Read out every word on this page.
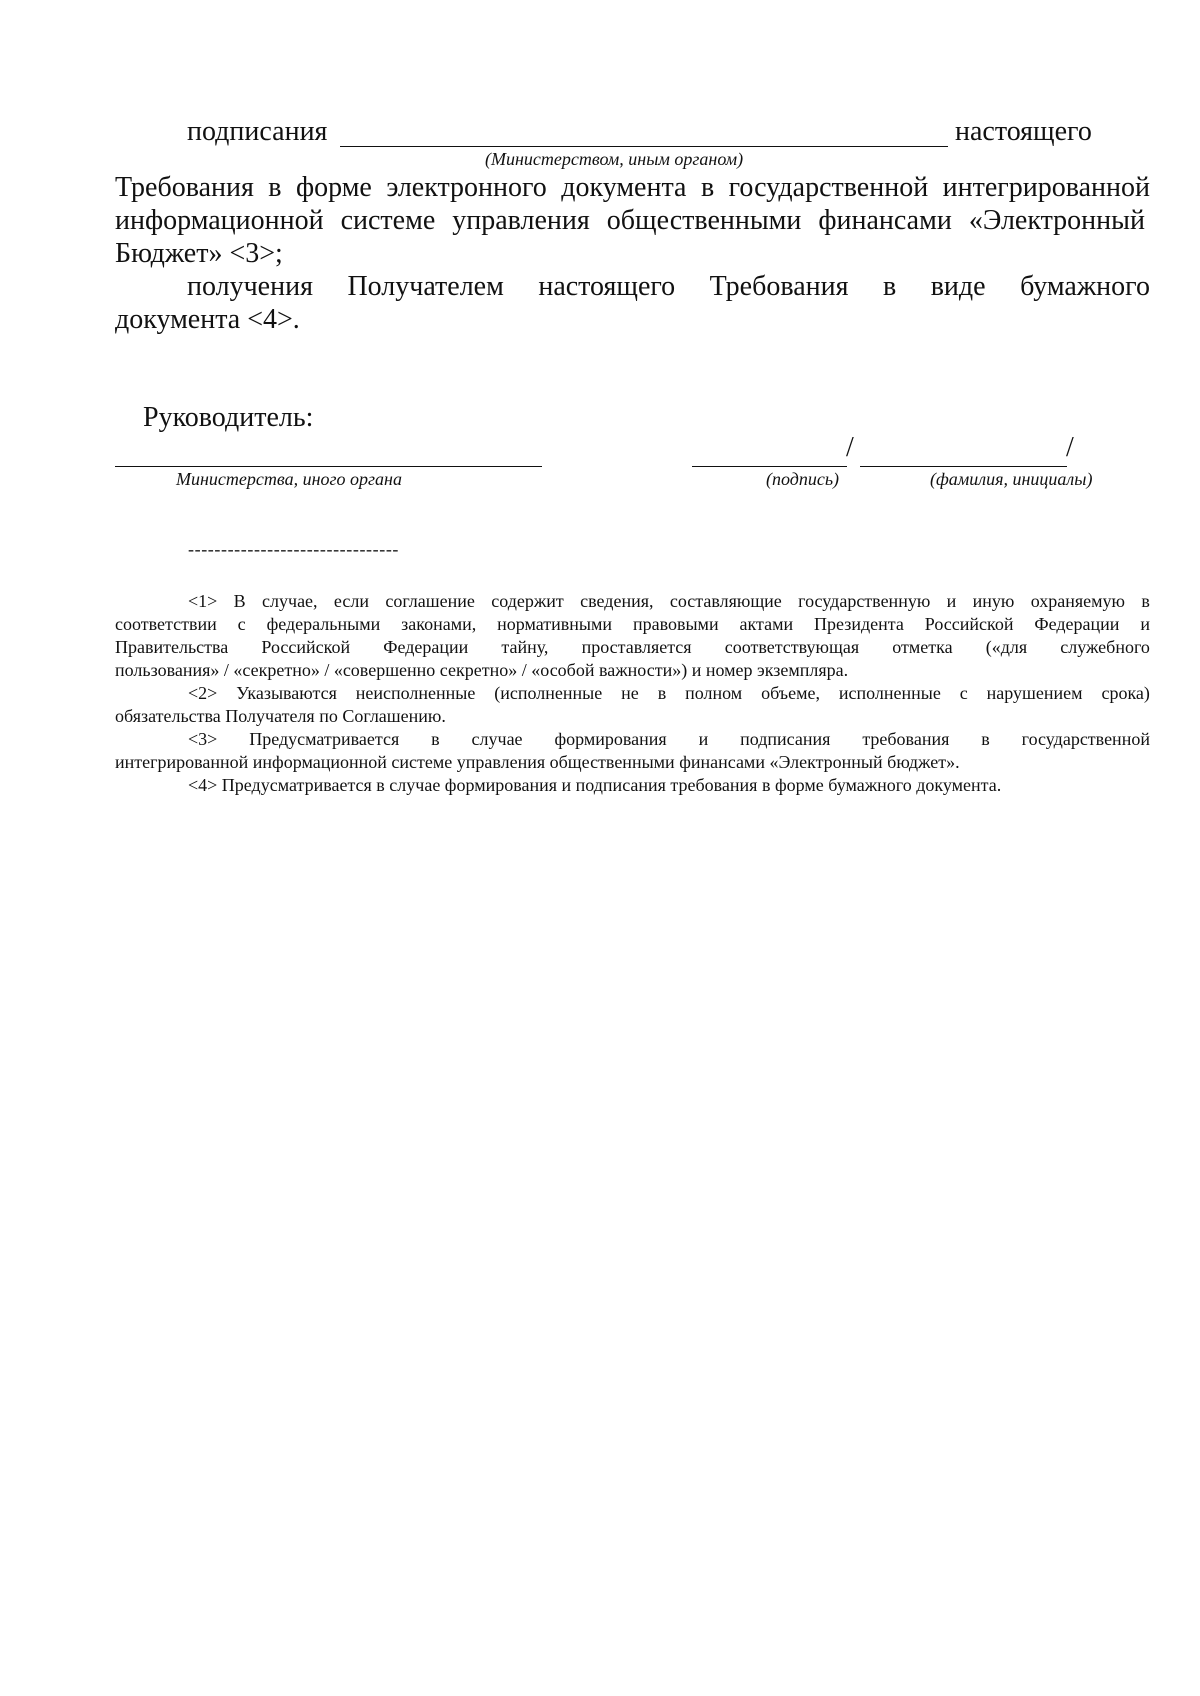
подписания	настоящего
(Министерством, иным органом)
Требования в форме электронного документа в государственной интегрированной
информационной системе управления общественными финансами «Электронный
Бюджет» <3>;
получения Получателем настоящего Требования в виде бумажного
документа <4>.
Руководитель:
/	/
Министерства, иного органа	(подпись)	(фамилия, инициалы)
--------------------------------
<1> В случае, если соглашение содержит сведения, составляющие государственную и иную охраняемую в
соответствии с федеральными законами, нормативными правовыми актами Президента Российской Федерации и
Правительства Российской Федерации тайну, проставляется соответствующая отметка («для служебного
пользования» / «секретно» / «совершенно секретно» / «особой важности») и номер экземпляра.
<2> Указываются неисполненные (исполненные не в полном объеме, исполненные с нарушением срока)
обязательства Получателя по Соглашению.
<3> Предусматривается в случае формирования и подписания требования в государственной
интегрированной информационной системе управления общественными финансами «Электронный бюджет».
<4> Предусматривается в случае формирования и подписания требования в форме бумажного документа.
